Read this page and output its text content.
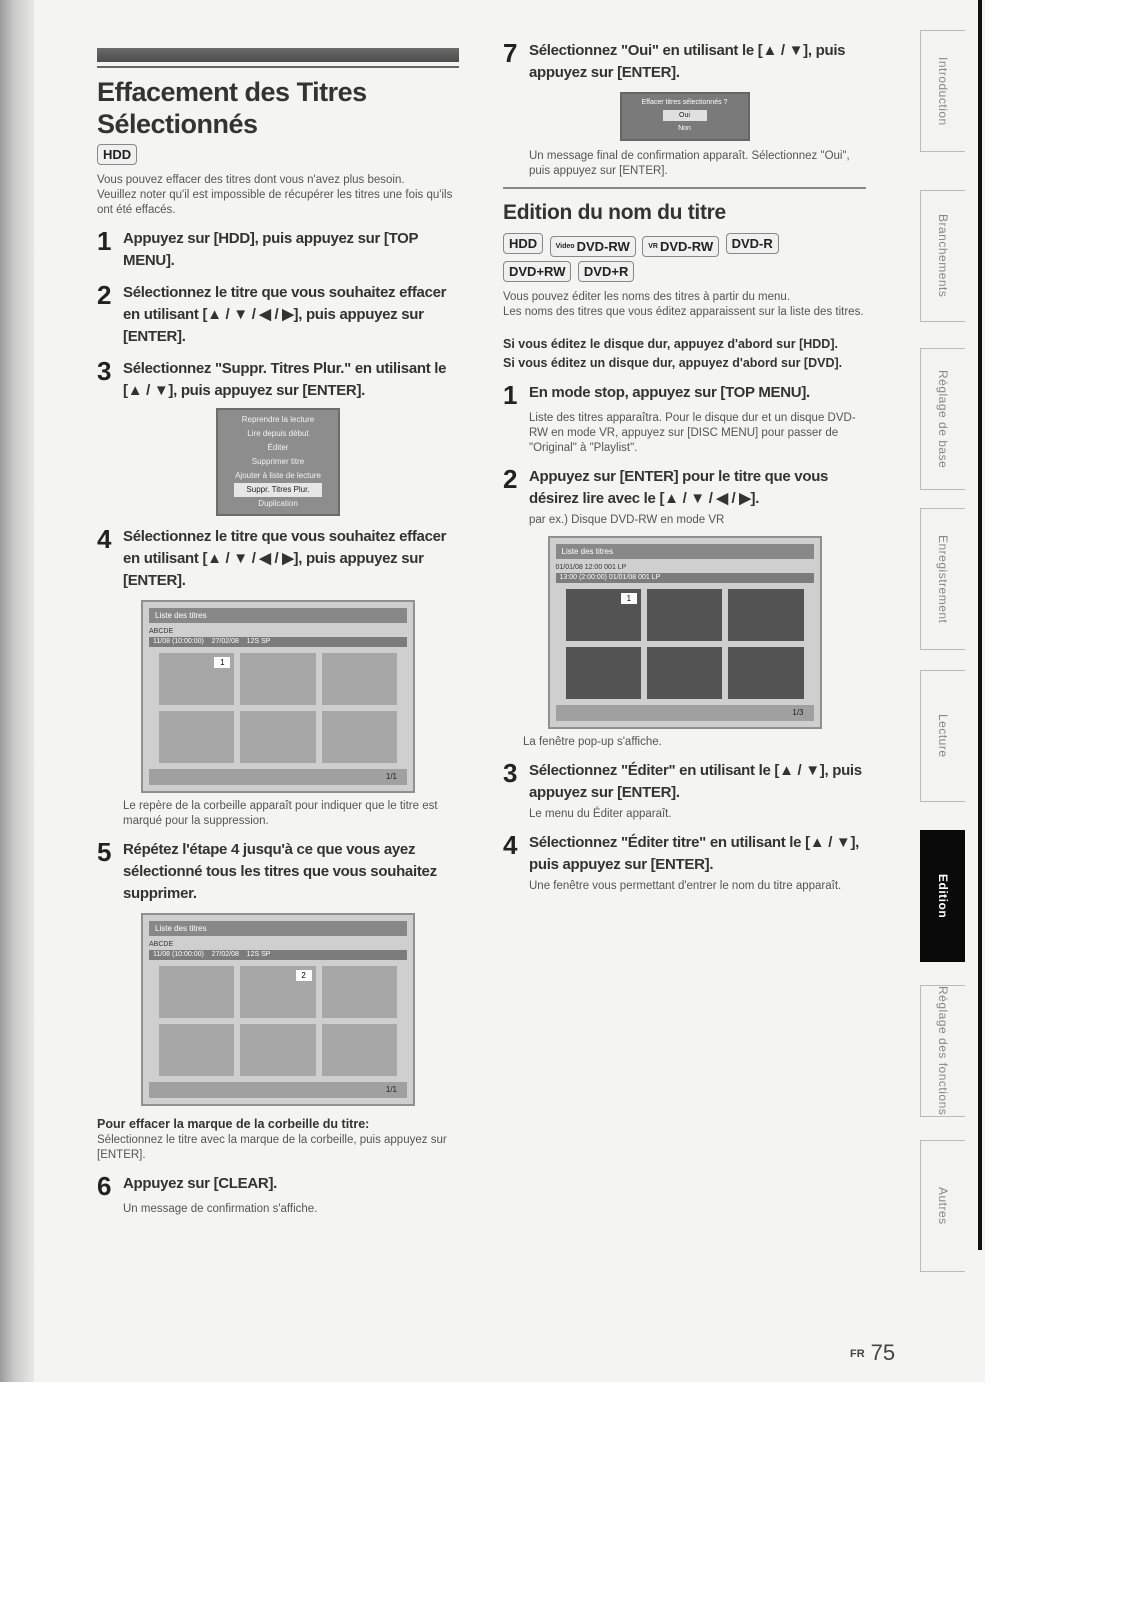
Effacement des Titres
Sélectionnés
HDD
Vous pouvez effacer des titres dont vous n'avez plus besoin.
Veuillez noter qu'il est impossible de récupérer les titres une fois qu'ils ont été effacés.
1 Appuyez sur [HDD], puis appuyez sur [TOP MENU].
2 Sélectionnez le titre que vous souhaitez effacer en utilisant [▲ / ▼ / ◀ / ▶], puis appuyez sur [ENTER].
3 Sélectionnez "Suppr. Titres Plur." en utilisant le [▲ / ▼], puis appuyez sur [ENTER].
Reprendre la lecture
Lire depuis début
Éditer
Supprimer titre
Ajouter à liste de lecture
Suppr. Titres Plur.
Duplication
4 Sélectionnez le titre que vous souhaitez effacer en utilisant [▲ / ▼ / ◀ / ▶], puis appuyez sur [ENTER].
Liste des titres
ABCDE
11/08 (10:00:00) 27/02/08 12S SP
1
1/1
Le repère de la corbeille apparaît pour indiquer que le titre est marqué pour la suppression.
5 Répétez l'étape 4 jusqu'à ce que vous ayez sélectionné tous les titres que vous souhaitez supprimer.
Liste des titres
ABCDE
11/08 (10:00:00) 27/02/08 12S SP
2
1/1
Pour effacer la marque de la corbeille du titre:
Sélectionnez le titre avec la marque de la corbeille, puis appuyez sur [ENTER].
6 Appuyez sur [CLEAR].
Un message de confirmation s'affiche.
7 Sélectionnez "Oui" en utilisant le [▲ / ▼], puis appuyez sur [ENTER].
Effacer titres sélectionnés ?
Oui
Non
Un message final de confirmation apparaît. Sélectionnez "Oui", puis appuyez sur [ENTER].
Edition du nom du titre
HDD	Video DVD-RW
	VR DVD-RW DVD-R
DVD+RW DVD+R
Vous pouvez éditer les noms des titres à partir du menu.
Les noms des titres que vous éditez apparaissent sur la liste des titres.
Si vous éditez le disque dur, appuyez d'abord sur [HDD].
Si vous éditez un disque dur, appuyez d'abord sur [DVD].
1 En mode stop, appuyez sur [TOP MENU].
Liste des titres apparaîtra. Pour le disque dur et un disque DVD-RW en mode VR, appuyez sur [DISC MENU] pour passer de "Original" à "Playlist".
2 Appuyez sur [ENTER] pour le titre que vous désirez lire avec le [▲ / ▼ / ◀ / ▶].
par ex.) Disque DVD-RW en mode VR
Liste des titres
01/01/08 12:00 001 LP
13:00 (2:00:00) 01/01/08 001 LP
1
1/3
La fenêtre pop-up s'affiche.
3 Sélectionnez "Éditer" en utilisant le [▲ / ▼], puis appuyez sur [ENTER].
Le menu du Éditer apparaît.
4 Sélectionnez "Éditer titre" en utilisant le [▲ / ▼], puis appuyez sur [ENTER].
Une fenêtre vous permettant d'entrer le nom du titre apparaît.
Introduction
Branchements
Réglage de base
Enregistrement
Lecture
Edition
Réglage des fonctions
Autres
FR 75
